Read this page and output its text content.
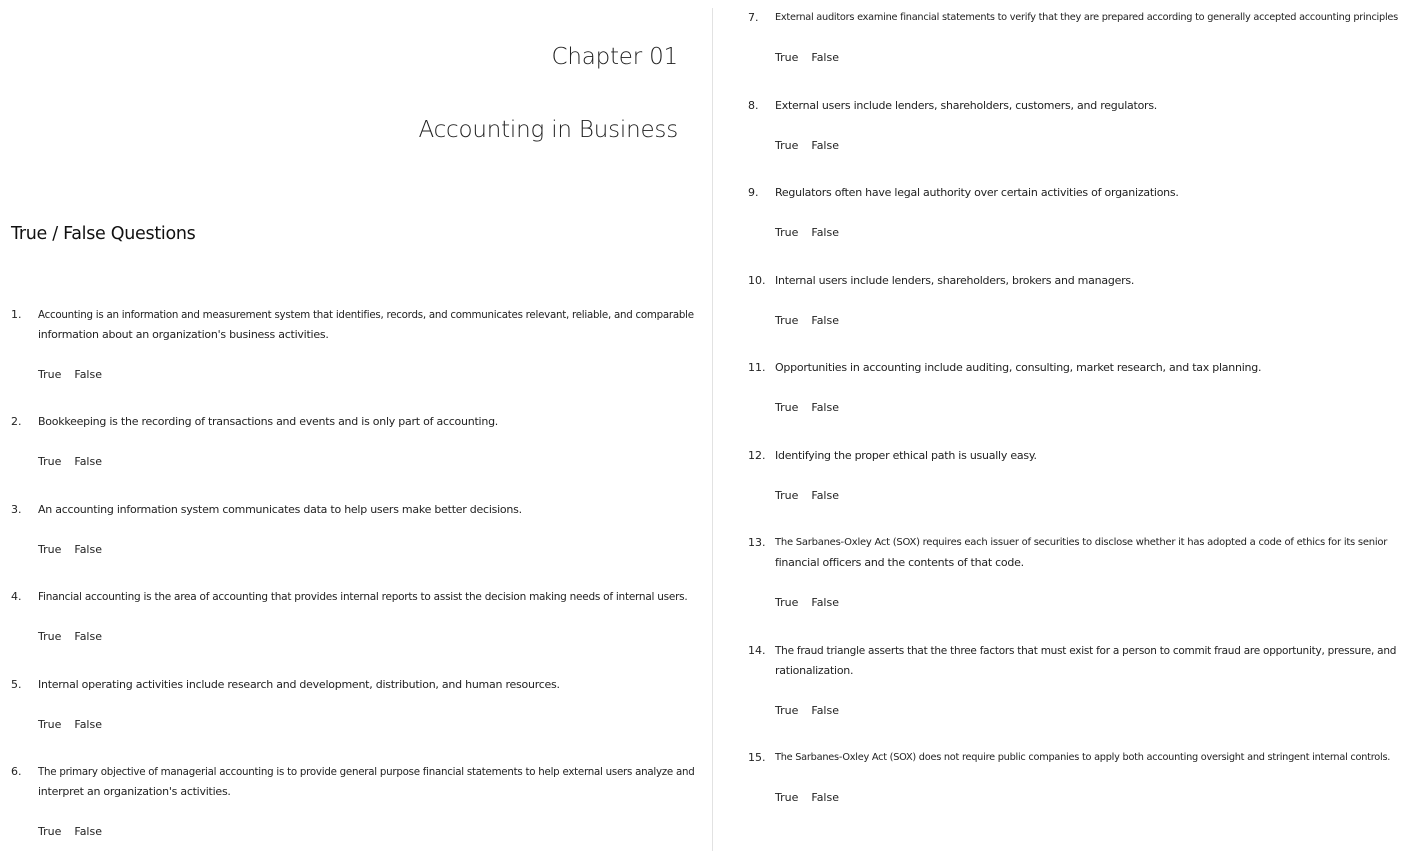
Chapter 01
Accounting in Business
True / False Questions
1. Accounting is an information and measurement system that identifies, records, and communicates relevant, reliable, and comparable
information about an organization's business activities.
True False
2. Bookkeeping is the recording of transactions and events and is only part of accounting.
True False
3. An accounting information system communicates data to help users make better decisions.
True False
4. Financial accounting is the area of accounting that provides internal reports to assist the decision making needs of internal users.
True False
5. Internal operating activities include research and development, distribution, and human resources.
True False
6. The primary objective of managerial accounting is to provide general purpose financial statements to help external users analyze and
interpret an organization's activities.
True False
7. External auditors examine financial statements to verify that they are prepared according to generally accepted accounting principles
True False
8. External users include lenders, shareholders, customers, and regulators.
True False
9. Regulators often have legal authority over certain activities of organizations.
True False
10. Internal users include lenders, shareholders, brokers and managers.
True False
11. Opportunities in accounting include auditing, consulting, market research, and tax planning.
True False
12. Identifying the proper ethical path is usually easy.
True False
13. The Sarbanes-Oxley Act (SOX) requires each issuer of securities to disclose whether it has adopted a code of ethics for its senior
financial officers and the contents of that code.
True False
14. The fraud triangle asserts that the three factors that must exist for a person to commit fraud are opportunity, pressure, and
rationalization.
True False
15. The Sarbanes-Oxley Act (SOX) does not require public companies to apply both accounting oversight and stringent internal controls.
True False
